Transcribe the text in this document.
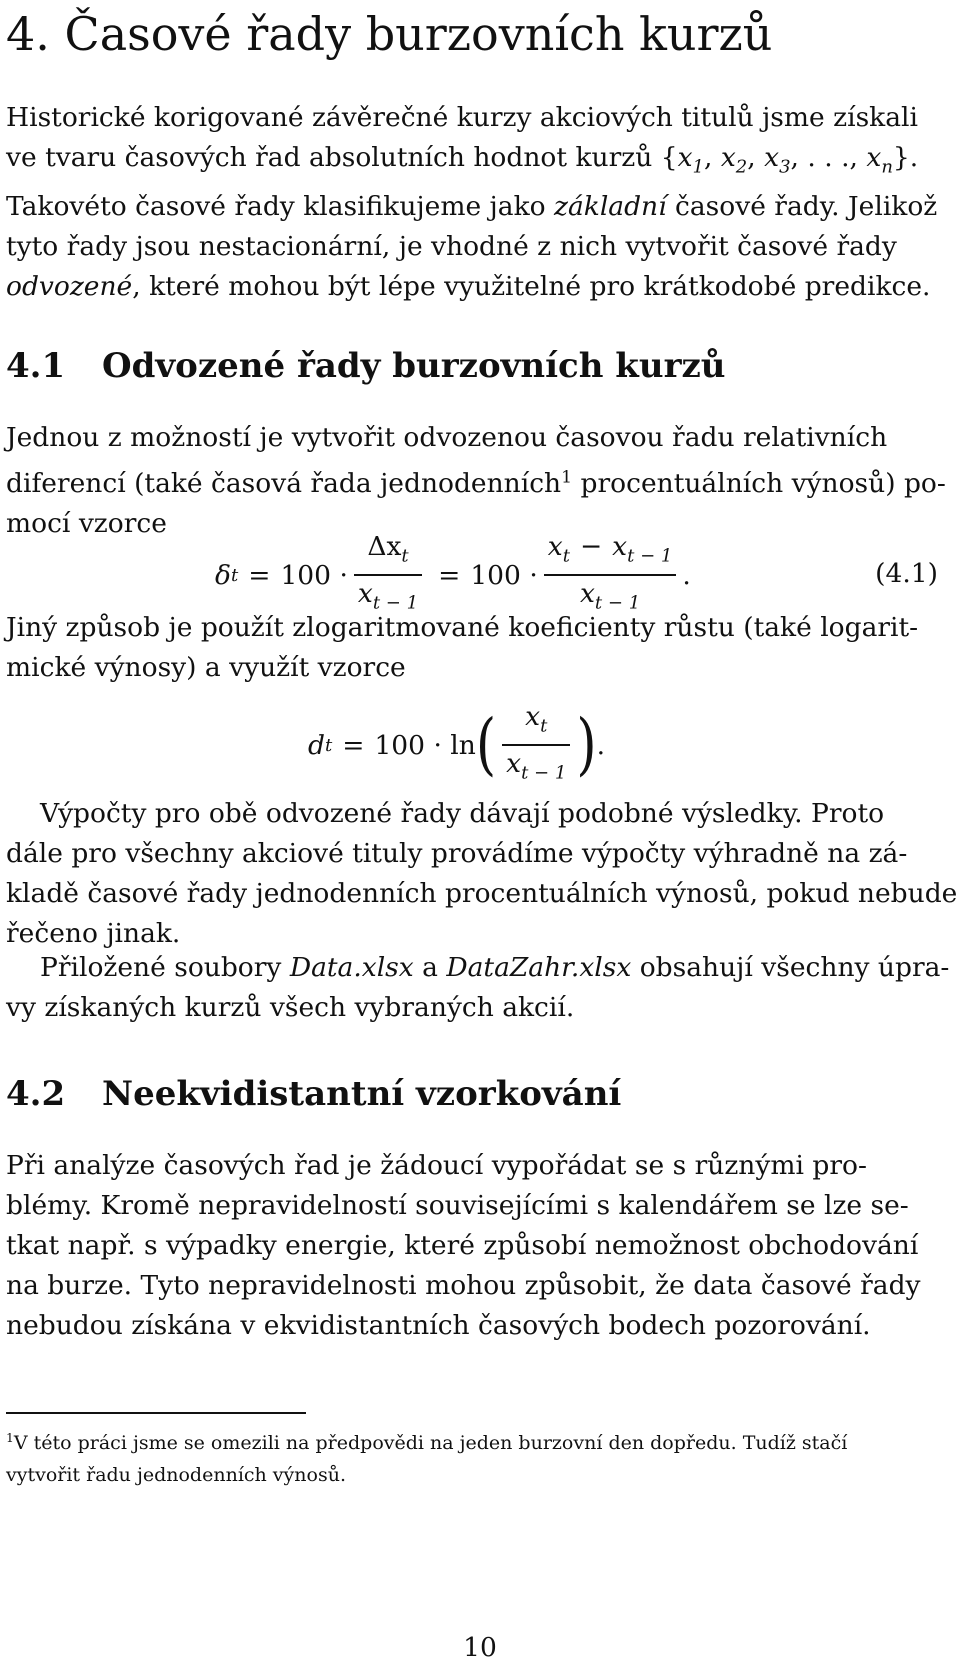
4. Časové řady burzovních kurzů
Historické korigované závěrečné kurzy akciových titulů jsme získali
ve tvaru časových řad absolutních hodnot kurzů {$x_1$, $x_2$, $x_3$, . . ., $x_n$}.
Takovéto časové řady klasifikujeme jako základní časové řady. Jelikož
tyto řady jsou nestacionární, je vhodné z nich vytvořit časové řady
odvozené, které mohou být lépe využitelné pro krátkodobé predikce.
4.1 Odvozené řady burzovních kurzů
Jednou z možností je vytvořit odvozenou časovou řadu relativních
diferencí (také časová řada jednodenních$^1$ procentuálních výnosů) po-
mocí vzorce
δ $t = 100 \cdot \frac{\Delta x_t}{x_{t - 1}} = 100 \cdot \frac{x_t - x_{t - 1}}{x_{t - 1}}$ .	(4.1)
Jiný způsob je použít zlogaritmované koeficienty růstu (také logarit-
mické výnosy) a využít vzorce
d t = 100 · ln ( $\frac{x_t}{x_{t - 1}}$ ) .
Výpočty pro obě odvozené řady dávají podobné výsledky. Proto
dále pro všechny akciové tituly provádíme výpočty výhradně na zá-
kladě časové řady jednodenních procentuálních výnosů, pokud nebude
řečeno jinak.
Přiložené soubory Data.xlsx a DataZahr.xlsx obsahují všechny úpra-
vy získaných kurzů všech vybraných akcií.
4.2 Neekvidistantní vzorkování
Při analýze časových řad je žádoucí vypořádat se s různými pro-
blémy. Kromě nepravidelností souvisejícími s kalendářem se lze se-
tkat např. s výpadky energie, které způsobí nemožnost obchodování
na burze. Tyto nepravidelnosti mohou způsobit, že data časové řady
nebudou získána v ekvidistantních časových bodech pozorování.
$^1$V této práci jsme se omezili na předpovědi na jeden burzovní den dopředu. Tudíž stačí
vytvořit řadu jednodenních výnosů.
10
